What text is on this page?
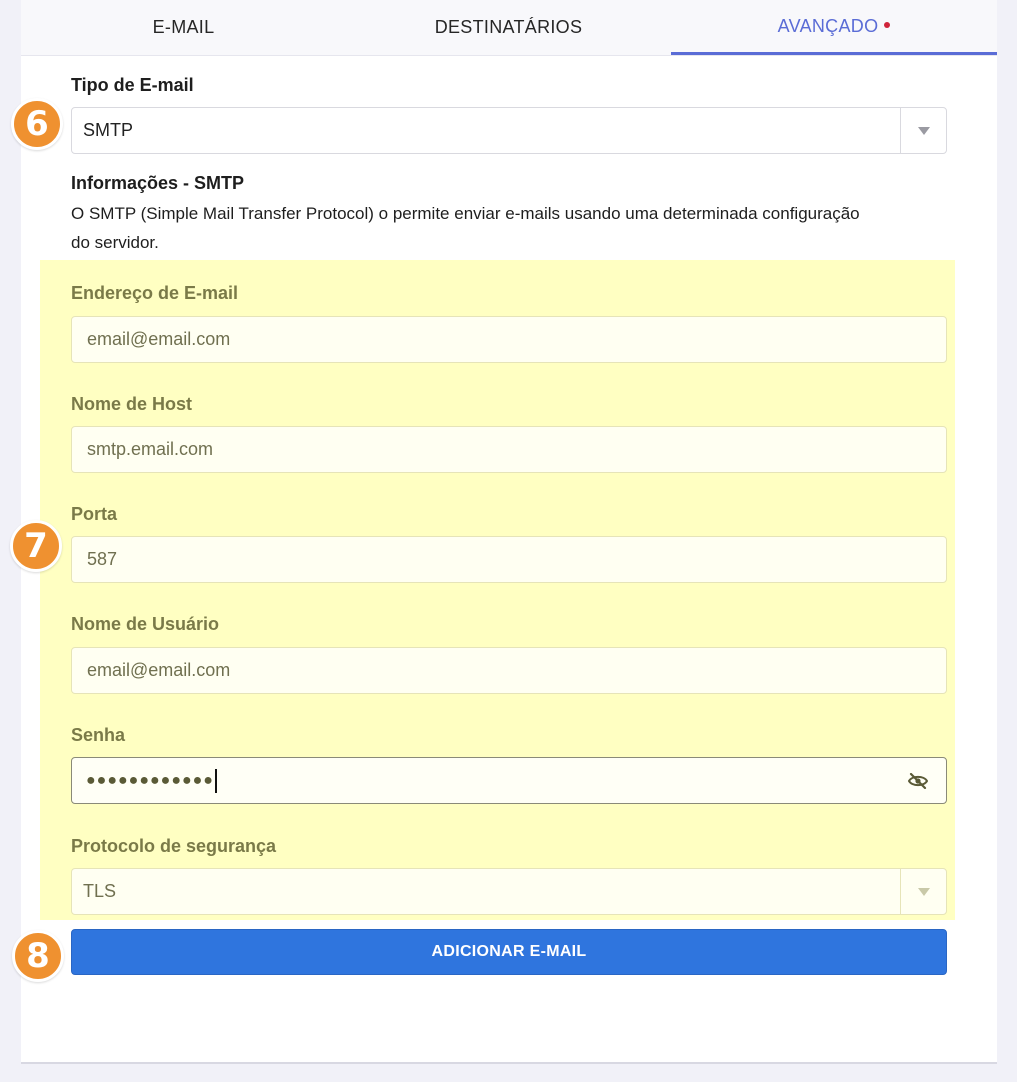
E-MAIL	DESTINATÁRIOS	AVANÇADO
Tipo de E-mail
SMTP
Informações - SMTP
O SMTP (Simple Mail Transfer Protocol) o permite enviar e-mails usando uma determinada configuração do servidor.
Endereço de E-mail
email@email.com
Nome de Host
smtp.email.com
Porta
587
Nome de Usuário
email@email.com
Senha
●●●●●●●●●●●●
Protocolo de segurança
TLS
ADICIONAR E-MAIL
6
7
8
